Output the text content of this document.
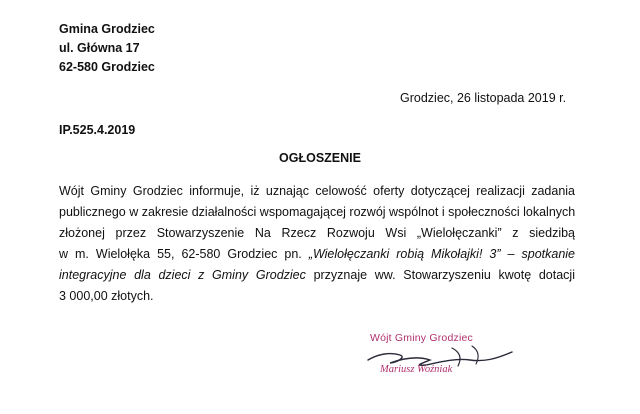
Gmina Grodziec
ul. Główna 17
62-580 Grodziec
Grodziec, 26 listopada 2019 r.
IP.525.4.2019
OGŁOSZENIE
Wójt Gminy Grodziec informuje, iż uznając celowość oferty dotyczącej realizacji zadania
publicznego w zakresie działalności wspomagającej rozwój wspólnot i społeczności lokalnych
złożonej przez Stowarzyszenie Na Rzecz Rozwoju Wsi „Wielołęczanki” z siedzibą
w m. Wielołęka 55, 62-580 Grodziec pn. „Wielołęczanki robią Mikołajki! 3” – spotkanie
integracyjne dla dzieci z Gminy Grodziec przyznaje ww. Stowarzyszeniu kwotę dotacji
3 000,00 złotych.
Wójt Gminy Grodziec
Mariusz Woźniak
